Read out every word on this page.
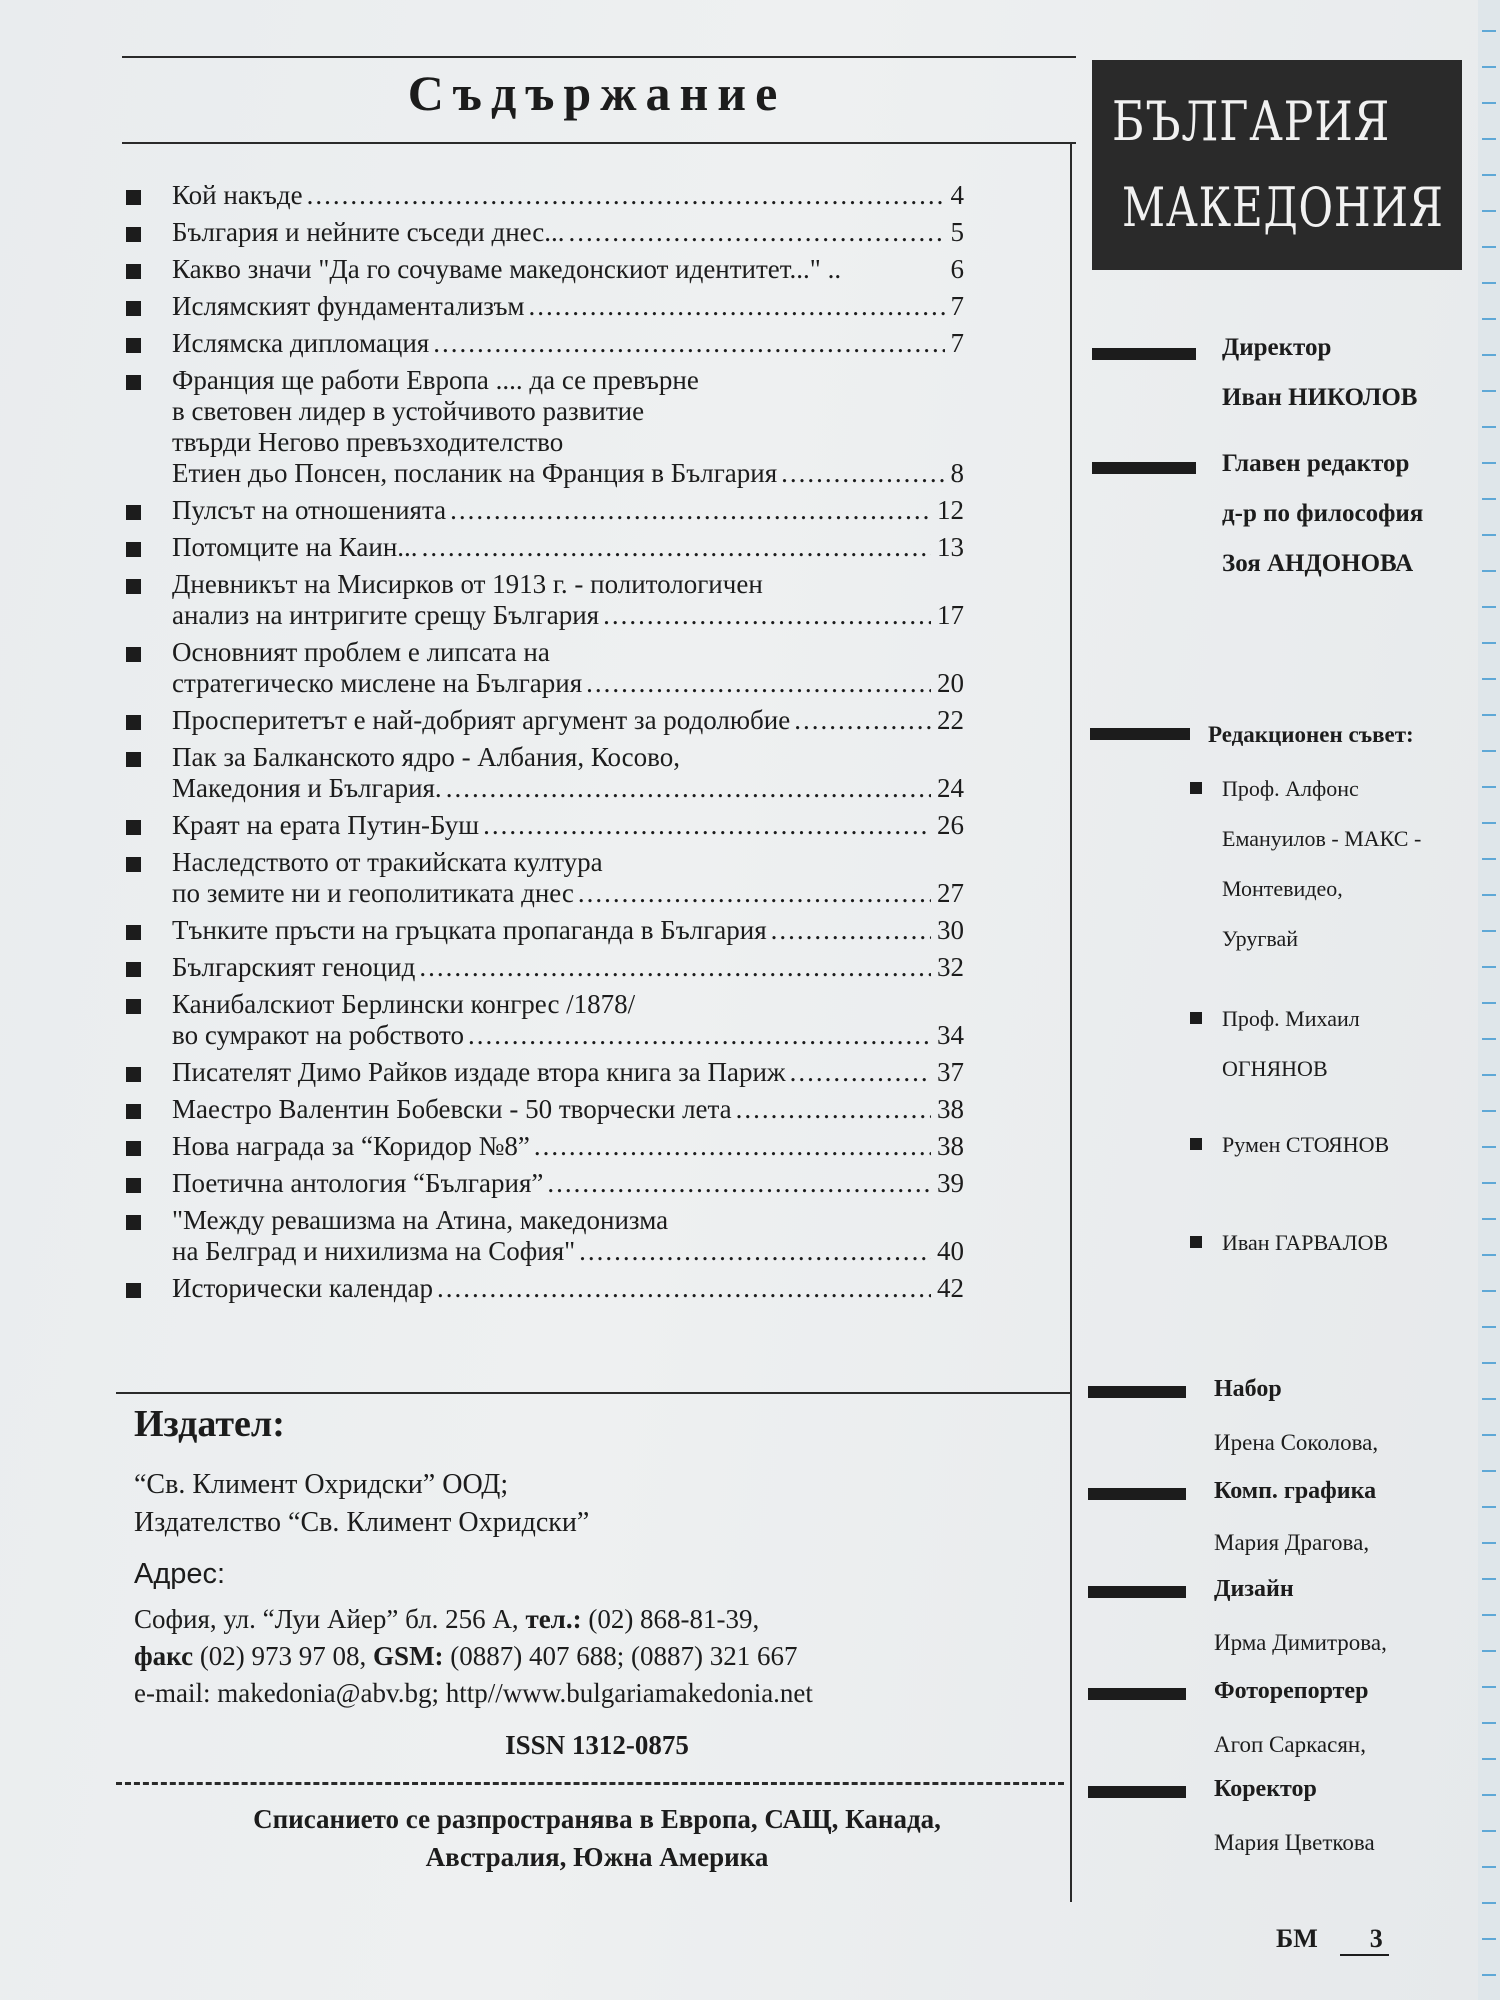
Съдържание
Кой накъде .....	4
България и нейните съседи днес... .....	5
Какво значи "Да го сочуваме македонскиот идентитет..." ..	6
Ислямският фундаментализъм .....	7
Ислямска дипломация .....	7
Франция ще работи Европа .... да се превърне
в световен лидер в устойчивото развитие
твърди Негово превъзходителство
Етиен дьо Понсен, посланик на Франция в България .....	8
Пулсът на отношенията .....	12
Потомците на Каин... .....	13
Дневникът на Мисирков от 1913 г. - политологичен
анализ на интригите срещу България .....	17
Основният проблем е липсата на
стратегическо мислене на България .....	20
Просперитетът е най-добрият аргумент за родолюбие .....	22
Пак за Балканското ядро - Албания, Косово,
Македония и България. .....	24
Краят на ерата Путин-Буш .....	26
Наследството от тракийската култура
по земите ни и геополитиката днес .....	27
Тънките пръсти на гръцката пропаганда в България .....	30
Българският геноцид .....	32
Канибалскиот Берлински конгрес /1878/
во сумракот на робството .....	34
Писателят Димо Райков издаде втора книга за Париж .....	37
Маестро Валентин Бобевски - 50 творчески лета .....	38
Нова награда за “Коридор №8” .....	38
Поетична антология “България” .....	39
"Между ревашизма на Атина, македонизма
на Белград и нихилизма на София" .....	40
Исторически календар .....	42
Издател:
“Св. Климент Охридски” ООД;
Издателство “Св. Климент Охридски”
Адрес:
София, ул. “Луи Айер” бл. 256 А, тел.: (02) 868-81-39,
факс (02) 973 97 08, GSM: (0887) 407 688; (0887) 321 667
e-mail: makedonia@abv.bg; http//www.bulgariamakedonia.net
ISSN 1312-0875
Списанието се разпространява в Европа, САЩ, Канада,
Австралия, Южна Америка
БЪЛГАРИЯ
МАКЕДОНИЯ
Директор
Иван НИКОЛОВ
Главен редактор
д-р по философия
Зоя АНДОНОВА
Редакционен съвет:
Проф. Алфонс
Емануилов - МАКС -
Монтевидео,
Уругвай
Проф. Михаил
ОГНЯНОВ
Румен СТОЯНОВ
Иван ГАРВАЛОВ
Набор
Ирена Соколова,
Комп. графика
Мария Драгова,
Дизайн
Ирма Димитрова,
Фоторепортер
Агоп Саркасян,
Коректор
Мария Цветкова
БМ 3
